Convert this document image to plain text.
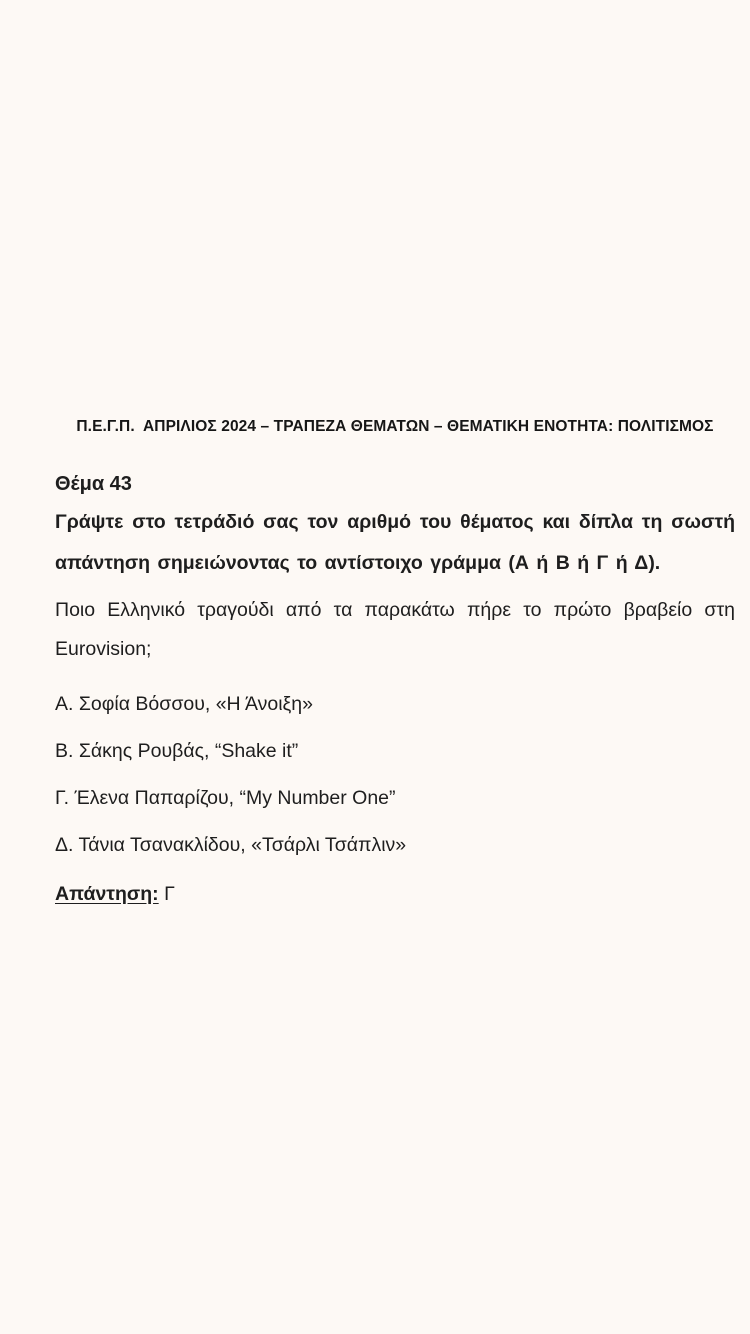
Π.Ε.Γ.Π.  ΑΠΡΙΛΙΟΣ 2024 – ΤΡΑΠΕΖΑ ΘΕΜΑΤΩΝ – ΘΕΜΑΤΙΚΗ ΕΝΟΤΗΤΑ: ΠΟΛΙΤΙΣΜΟΣ
Θέμα 43

Γράψτε στο τετράδιό σας τον αριθμό του θέματος και δίπλα τη σωστή απάντηση σημειώνοντας το αντίστοιχο γράμμα (Α ή Β ή Γ ή Δ).

Ποιο Ελληνικό τραγούδι από τα παρακάτω πήρε το πρώτο βραβείο στη Eurovision;

Α. Σοφία Βόσσου, «Η Άνοιξη»

Β. Σάκης Ρουβάς, “Shake it”

Γ. Έλενα Παπαρίζου, “My Number One”

Δ. Τάνια Τσανακλίδου, «Τσάρλι Τσάπλιν»

Απάντηση: Γ
